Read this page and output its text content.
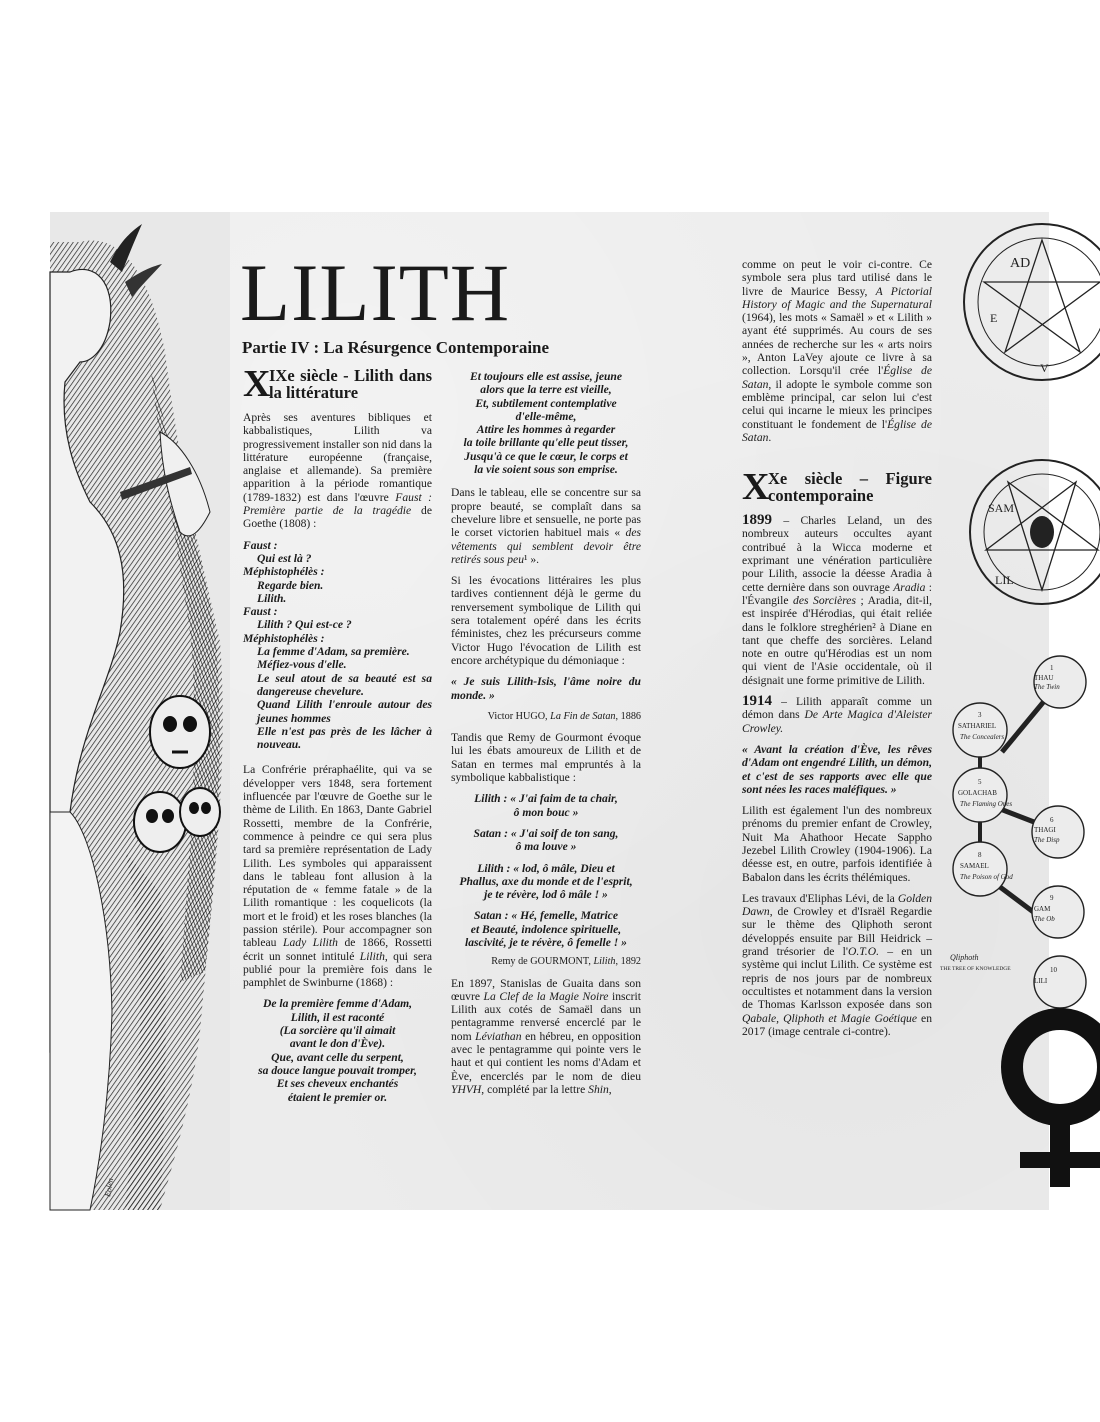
Eolen
LILITH
Partie IV : La Résurgence Contemporaine
X
IXe siècle - Lilith dans la littérature

Après ses aventures bibliques et kabbalistiques, Lilith va progressivement installer son nid dans la littérature européenne (française, anglaise et allemande). Sa première apparition à la période romantique (1789-1832) est dans l'œuvre Faust : Première partie de la tragédie de Goethe (1808) :

Faust :
Qui est là ?
Méphistophélès :
Regarde bien.
Lilith.
Faust :
Lilith ? Qui est-ce ?
Méphistophélès :
La femme d'Adam, sa première.
Méfiez-vous d'elle.
Le seul atout de sa beauté est sa dangereuse chevelure.
Quand Lilith l'enroule autour des jeunes hommes
Elle n'est pas près de les lâcher à nouveau.

La Confrérie préraphaélite, qui va se développer vers 1848, sera fortement influencée par l'œuvre de Goethe sur le thème de Lilith. En 1863, Dante Gabriel Rossetti, membre de la Confrérie, commence à peindre ce qui sera plus tard sa première représentation de Lady Lilith. Les symboles qui apparaissent dans le tableau font allusion à la réputation de « femme fatale » de la Lilith romantique : les coquelicots (la mort et le froid) et les roses blanches (la passion stérile). Pour accompagner son tableau Lady Lilith de 1866, Rossetti écrit un sonnet intitulé Lilith, qui sera publié pour la première fois dans le pamphlet de Swinburne (1868) :

De la première femme d'Adam,
Lilith, il est raconté
(La sorcière qu'il aimait
avant le don d'Ève).
Que, avant celle du serpent,
sa douce langue pouvait tromper,
Et ses cheveux enchantés
étaient le premier or.
Et toujours elle est assise, jeune
alors que la terre est vieille,
Et, subtilement contemplative
d'elle-même,
Attire les hommes à regarder
la toile brillante qu'elle peut tisser,
Jusqu'à ce que le cœur, le corps et
la vie soient sous son emprise.

Dans le tableau, elle se concentre sur sa propre beauté, se complaît dans sa chevelure libre et sensuelle, ne porte pas le corset victorien habituel mais « des vêtements qui semblent devoir être retirés sous peu¹ ».

Si les évocations littéraires les plus tardives contiennent déjà le germe du renversement symbolique de Lilith qui sera totalement opéré dans les écrits féministes, chez les précurseurs comme Victor Hugo l'évocation de Lilith est encore archétypique du démoniaque :

« Je suis Lilith-Isis, l'âme noire du monde. »

Victor HUGO, La Fin de Satan, 1886

Tandis que Remy de Gourmont évoque lui les ébats amoureux de Lilith et de Satan en termes mal empruntés à la symbolique kabbalistique :

Lilith : « J'ai faim de ta chair,
ô mon bouc »
Satan : « J'ai soif de ton sang,
ô ma louve »
Lilith : « lod, ô mâle, Dieu et
Phallus, axe du monde et de l'esprit,
je te révère, lod ô mâle ! »
Satan : « Hé, femelle, Matrice
et Beauté, indolence spirituelle,
lascivité, je te révère, ô femelle ! »
Remy de GOURMONT, Lilith, 1892

En 1897, Stanislas de Guaita dans son œuvre La Clef de la Magie Noire inscrit Lilith aux cotés de Samaël dans un pentagramme renversé encerclé par le nom Léviathan en hébreu, en opposition avec le pentagramme qui pointe vers le haut et qui contient les noms d'Adam et Ève, encerclés par le nom de dieu YHVH, complété par la lettre Shin,

comme on peut le voir ci-contre. Ce symbole sera plus tard utilisé dans le livre de Maurice Bessy, A Pictorial History of Magic and the Supernatural (1964), les mots « Samaël » et « Lilith » ayant été supprimés. Au cours de ses années de recherche sur les « arts noirs », Anton LaVey ajoute ce livre à sa collection. Lorsqu'il crée l'Église de Satan, il adopte le symbole comme son emblème principal, car selon lui c'est celui qui incarne le mieux les principes constituant le fondement de l'Église de Satan.

X
Xe siècle – Figure contemporaine

1899 – Charles Leland, un des nombreux auteurs occultes ayant contribué à la Wicca moderne et exprimant une vénération particulière pour Lilith, associe la déesse Aradia à cette dernière dans son ouvrage Aradia : l'Évangile des Sorcières ; Aradia, dit-il, est inspirée d'Hérodias, qui était reliée dans le folklore streghérien² à Diane en tant que cheffe des sorcières. Leland note en outre qu'Hérodias est un nom qui vient de l'Asie occidentale, où il désignait une forme primitive de Lilith.

1914 – Lilith apparaît comme un démon dans De Arte Magica d'Aleister Crowley.

« Avant la création d'Ève, les rêves d'Adam ont engendré Lilith, un démon, et c'est de ses rapports avec elle que sont nées les races maléfiques. »

Lilith est également l'un des nombreux prénoms du premier enfant de Crowley, Nuit Ma Ahathoor Hecate Sappho Jezebel Lilith Crowley (1904-1906). La déesse est, en outre, parfois identifiée à Babalon dans les écrits thélémiques.

Les travaux d'Eliphas Lévi, de la Golden Dawn, de Crowley et d'Israël Regardie sur le thème des Qliphoth seront développés ensuite par Bill Heidrick – grand trésorier de l'O.T.O. – en un système qui inclut Lilith. Ce système est repris de nos jours par de nombreux occultistes et notamment dans la version de Thomas Karlsson exposée dans son Qabale, Qliphoth et Magie Goétique en 2017 (image centrale ci-contre).

AD
E
V
SAM
LIL
1
THAU
The Twin
3
SATHARIEL
The Concealers
5
GOLACHAB
The Flaming Ones
6
THAGI
The Disp
8
SAMAEL
The Poison of God
9
GAM
The Ob
10
LILI
Qliphoth
THE TREE OF KNOWLEDGE
